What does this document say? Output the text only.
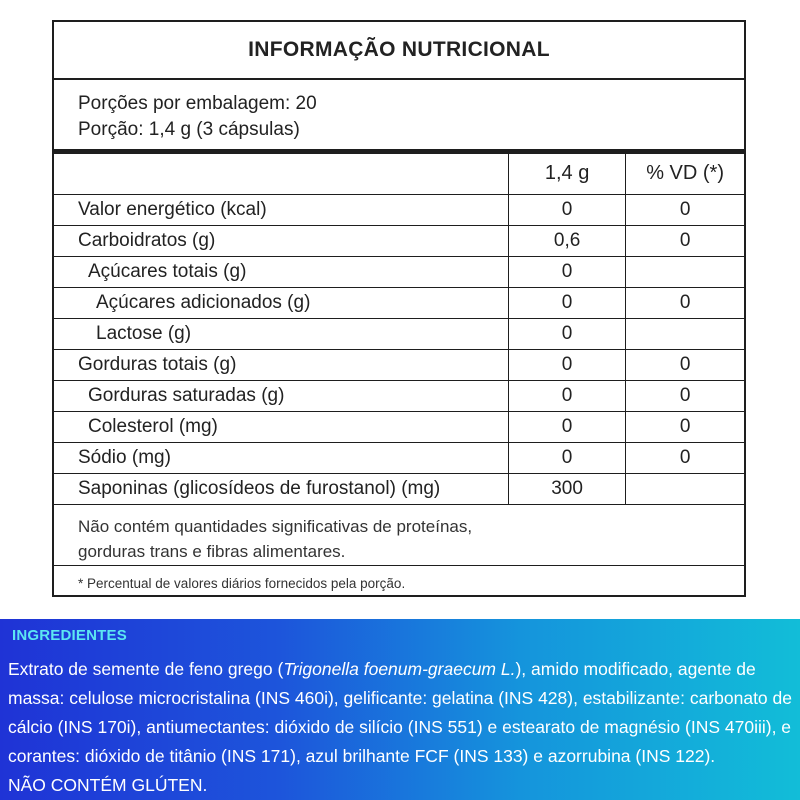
INFORMAÇÃO NUTRICIONAL
Porções por embalagem: 20
Porção: 1,4 g (3 cápsulas)
	1,4 g	% VD (*)
Valor energético (kcal)	0	0
Carboidratos (g)	0,6	0
Açúcares totais (g)	0	
Açúcares adicionados (g)	0	0
Lactose (g)	0	
Gorduras totais (g)	0	0
Gorduras saturadas (g)	0	0
Colesterol (mg)	0	0
Sódio (mg)	0	0
Saponinas (glicosídeos de furostanol) (mg)	300	
Não contém quantidades significativas de proteínas,
gorduras trans e fibras alimentares.
* Percentual de valores diários fornecidos pela porção.
INGREDIENTES
Extrato de semente de feno grego (Trigonella foenum-graecum L.), amido modificado, agente de massa: celulose microcristalina (INS 460i), gelificante: gelatina (INS 428), estabilizante: carbonato de cálcio (INS 170i), antiumectantes: dióxido de silício (INS 551) e estearato de magnésio (INS 470iii), e corantes: dióxido de titânio (INS 171), azul brilhante FCF (INS 133) e azorrubina (INS 122).
NÃO CONTÉM GLÚTEN.
